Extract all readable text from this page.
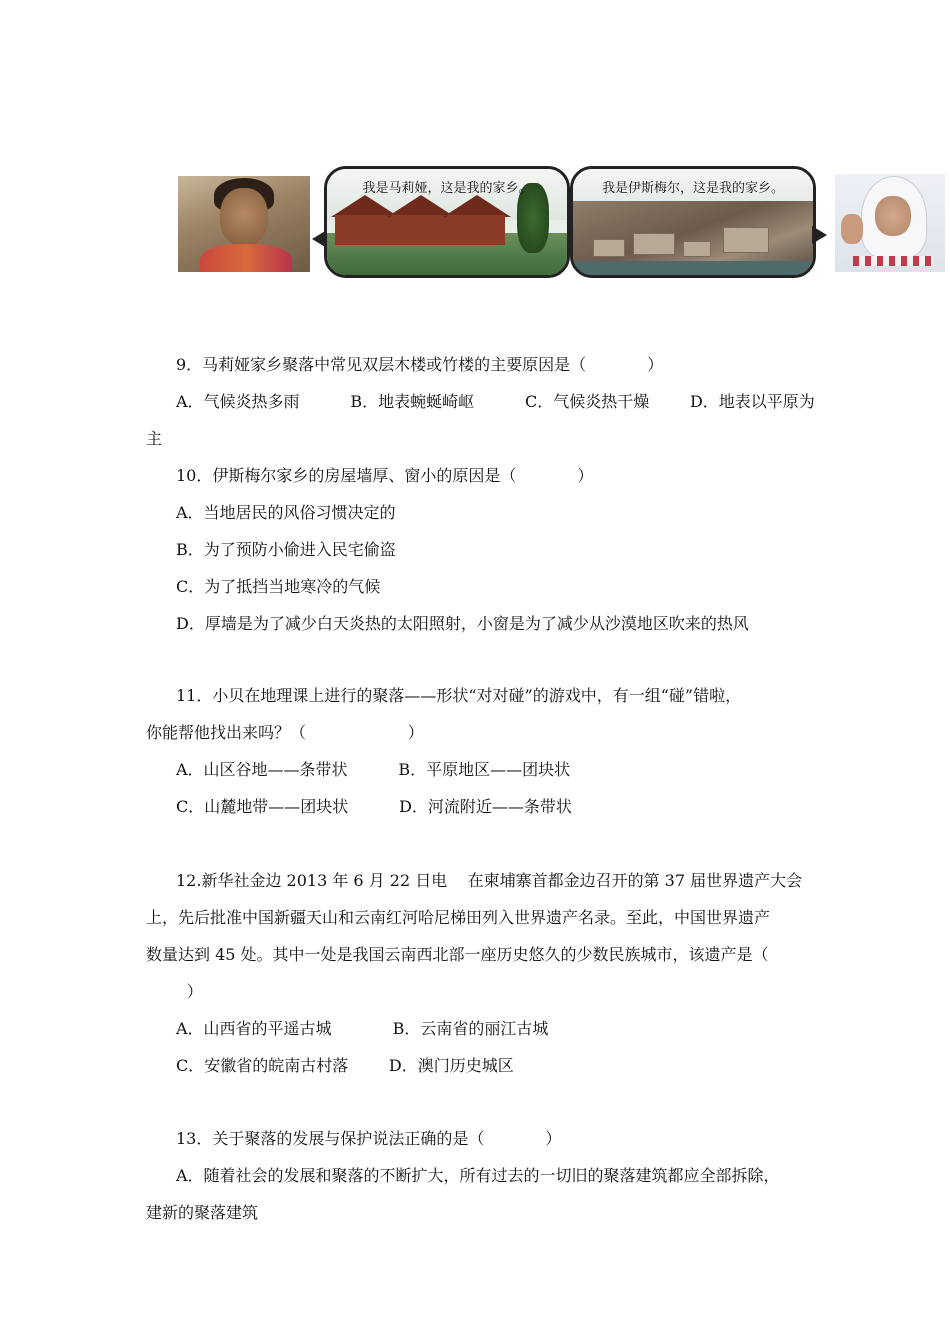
我是马莉娅，这是我的家乡。	我是伊斯梅尔，这是我的家乡。
9．马莉娅家乡聚落中常见双层木楼或竹楼的主要原因是（            ）
A．气候炎热多雨          B．地表蜿蜒崎岖          C．气候炎热干燥        D．地表以平原为
主
10．伊斯梅尔家乡的房屋墙厚、窗小的原因是（            ）
A．当地居民的风俗习惯决定的
B．为了预防小偷进入民宅偷盗
C．为了抵挡当地寒冷的气候
D．厚墙是为了减少白天炎热的太阳照射，小窗是为了减少从沙漠地区吹来的热风
11．小贝在地理课上进行的聚落——形状“对对碰”的游戏中，有一组“碰”错啦，
你能帮他找出来吗？（                    ）
A．山区谷地——条带状          B．平原地区——团块状
C．山麓地带——团块状          D．河流附近——条带状
12.新华社金边 2013 年 6 月 22 日电    在柬埔寨首都金边召开的第 37 届世界遗产大会
上，先后批准中国新疆天山和云南红河哈尼梯田列入世界遗产名录。至此，中国世界遗产
数量达到 45 处。其中一处是我国云南西北部一座历史悠久的少数民族城市，该遗产是（
）
A．山西省的平遥古城            B．云南省的丽江古城
C．安徽省的皖南古村落        D．澳门历史城区
13．关于聚落的发展与保护说法正确的是（            ）
A．随着社会的发展和聚落的不断扩大，所有过去的一切旧的聚落建筑都应全部拆除，
建新的聚落建筑
